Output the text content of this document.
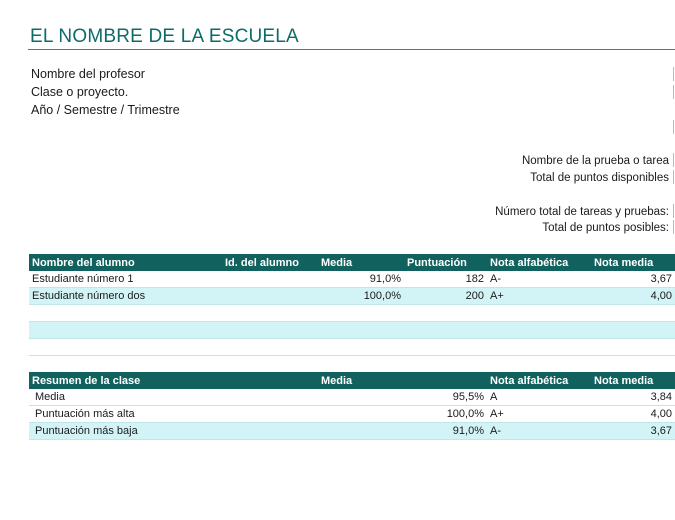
EL NOMBRE DE LA ESCUELA
Nombre del profesor
Clase o proyecto.
Año / Semestre / Trimestre
Nombre de la prueba o tarea
Total de puntos disponibles
Número total de tareas y pruebas:
Total de puntos posibles:
Nombre del alumno	Id. del alumno	Media	Puntuación	Nota alfabética	Nota media
Estudiante número 1		91,0%	182	A-	3,67
Estudiante número dos		100,0%	200	A+	4,00

Resumen de la clase		Media		Nota alfabética	Nota media
Media			95,5%	A	3,84
Puntuación más alta			100,0%	A+	4,00
Puntuación más baja			91,0%	A-	3,67
